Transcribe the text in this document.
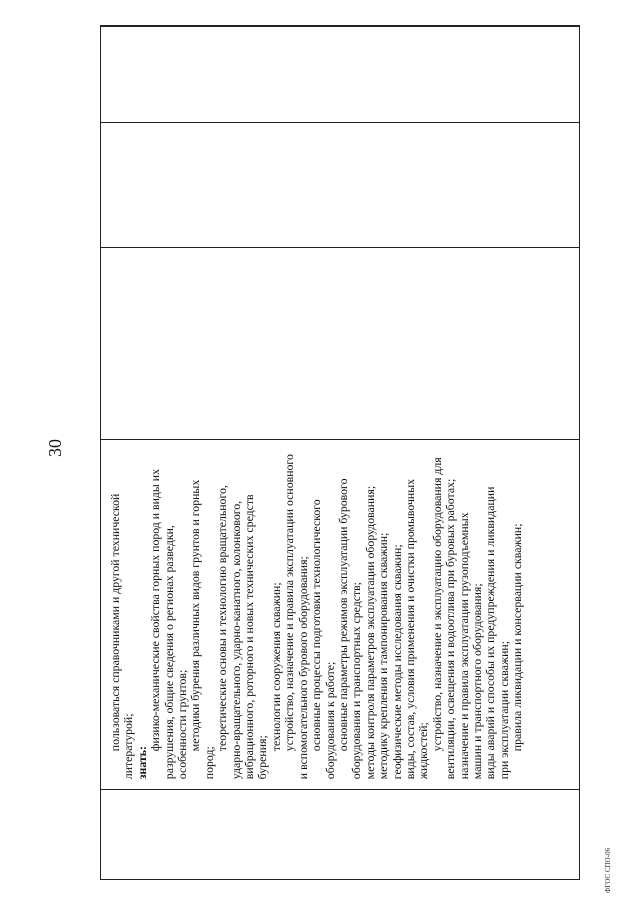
30
пользоваться справочниками и другой технической литературой; знать:
физико-механические свойства горных пород и виды их разрушения, общие сведения о регионах разведки, особенности грунтов; методики бурения различных видов грунтов и горных
пород;
теоретические основы и технологию вращательного, ударно-вращательного, ударно-канатного, колонкового, вибрационного, роторного и новых технических средств бурения;
технологии сооружения скважин; устройство, назначение и правила эксплуатации основного и вспомогательного бурового оборудования; основные процессы подготовки технологического оборудования к работе; основные параметры режимов эксплуатации бурового оборудования и транспортных средств; методы контроля параметров эксплуатации оборудования; методику крепления и тампонирования скважин; геофизические методы исследования скважин; виды, состав, условия применения и очистки промывочных жидкостей; устройство, назначение и эксплуатацию оборудования для вентиляции, освещения и водоотлива при буровых работах; назначение и правила эксплуатации грузоподъемных машин и транспортного оборудования; виды аварий и способы их предупреждения и ликвидации при эксплуатации скважин; правила ликвидации и консервации скважин;
ФГОС СПО-06
